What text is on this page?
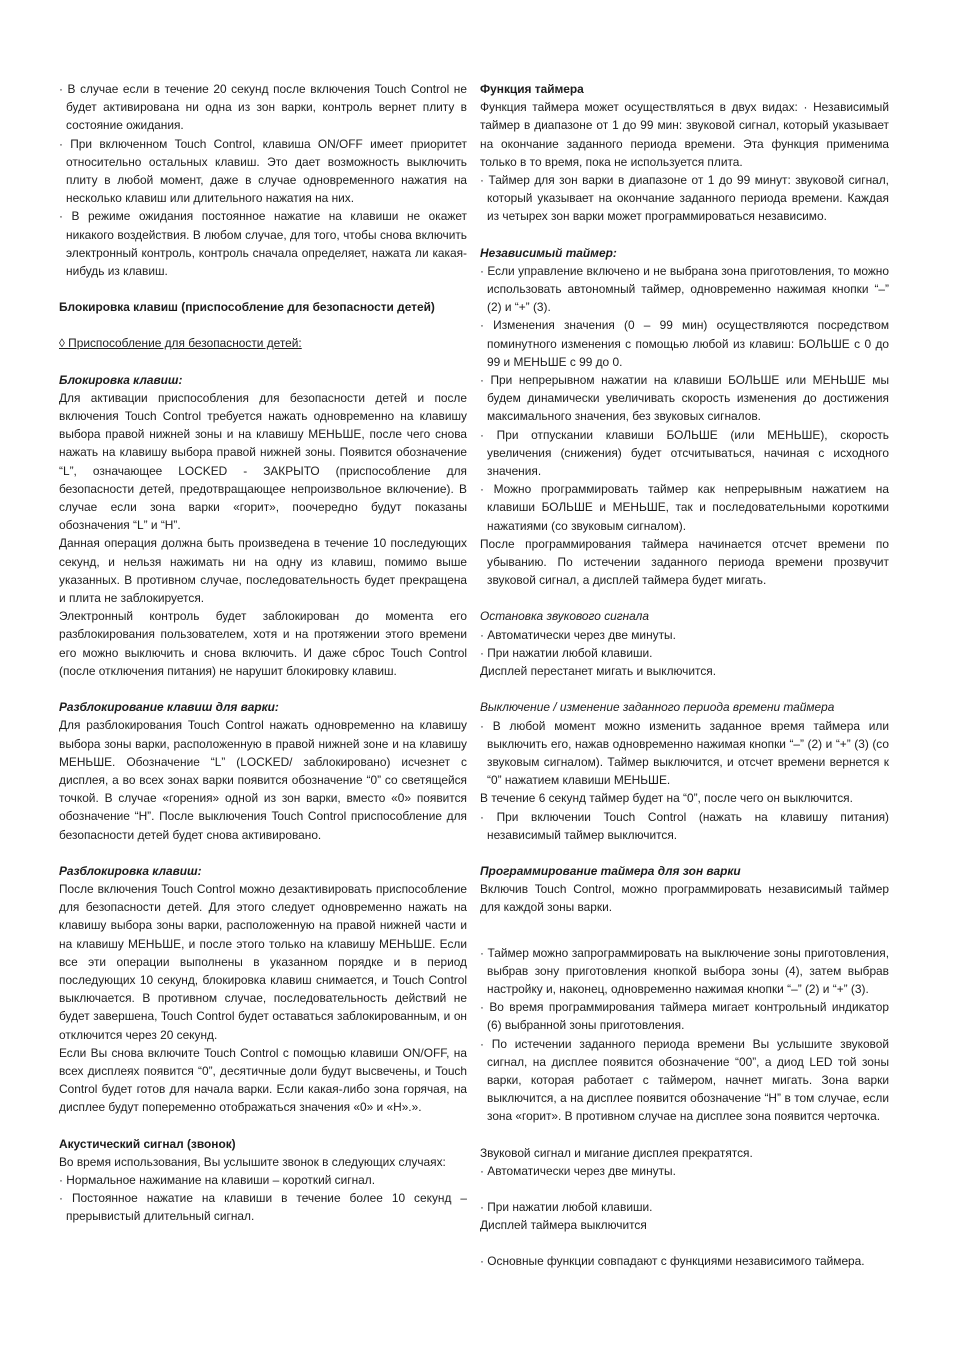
· В случае если в течение 20 секунд после включения Touch Control не будет активирована ни одна из зон варки, контроль вернет плиту в состояние ожидания.

· При включенном Touch Control, клавиша ON/OFF имеет приоритет относительно остальных клавиш. Это дает возможность выключить плиту в любой момент, даже в случае одновременного нажатия на несколько клавиш или длительного нажатия на них.

· В режиме ожидания постоянное нажатие на клавиши не окажет никакого воздействия. В любом случае, для того, чтобы снова включить электронный контроль, контроль сначала определяет, нажата ли какая-нибудь из клавиш.

Блокировка клавиш (приспособление для безопасности детей)

◊ Приспособление для безопасности детей:

Блокировка клавиш:

Для активации приспособления для безопасности детей и после включения Touch Control требуется нажать одновременно на клавишу выбора правой нижней зоны и на клавишу МЕНЬШЕ, после чего снова нажать на клавишу выбора правой нижней зоны. Появится обозначение “L”, означающее LOCKED - ЗАКРЫТО (приспособление для безопасности детей, предотвращающее непроизвольное включение). В случае если зона варки «горит», поочередно будут показаны обозначения “L” и “H”.

Данная операция должна быть произведена в течение 10 последующих секунд, и нельзя нажимать ни на одну из клавиш, помимо выше указанных. В противном случае, последовательность будет прекращена и плита не заблокируется.

Электронный контроль будет заблокирован до момента его разблокирования пользователем, хотя и на протяжении этого времени его можно выключить и снова включить. И даже сброс Touch Control (после отключения питания) не нарушит блокировку клавиш.

Разблокирование клавиш для варки:

Для разблокирования Touch Control нажать одновременно на клавишу выбора зоны варки, расположенную в правой нижней зоне и на клавишу МЕНЬШЕ. Обозначение “L” (LOCKED/ заблокировано) исчезнет с дисплея, а во всех зонах варки появится обозначение “0” со светящейся точкой. В случае «горения» одной из зон варки, вместо «0» появится обозначение “H”. После выключения Touch Control приспособление для безопасности детей будет снова активировано.

Разблокировка клавиш:

После включения Touch Control можно дезактивировать приспособление для безопасности детей. Для этого следует одновременно нажать на клавишу выбора зоны варки, расположенную на правой нижней части и на клавишу МЕНЬШЕ, и после этого только на клавишу МЕНЬШЕ. Если все эти операции выполнены в указанном порядке и в период последующих 10 секунд, блокировка клавиш снимается, и Touch Control выключается. В противном случае, последовательность действий не будет завершена, Touch Control будет оставаться заблокированным, и он отключится через 20 секунд.

Если Вы снова включите Touch Control с помощью клавиши ON/OFF, на всех дисплеях появится “0”, десятичные доли будут высвечены, и Touch Control будет готов для начала варки. Если какая-либо зона горячая, на дисплее будут попеременно отображаться значения «0» и «H».».

Акустический сигнал (звонок)

Во время использования, Вы услышите звонок в следующих случаях:

· Нормальное нажимание на клавиши – короткий сигнал.

· Постоянное нажатие на клавиши в течение более 10 секунд – прерывистый длительный сигнал.

Функция таймера

Функция таймера может осуществляться в двух видах: · Независимый таймер в диапазоне от 1 до 99 мин: звуковой сигнал, который указывает на окончание заданного периода времени. Эта функция применима только в то время, пока не используется плита.

· Таймер для зон варки в диапазоне от 1 до 99 минут: звуковой сигнал, который указывает на окончание заданного периода времени. Каждая из четырех зон варки может программироваться независимо.

Независимый таймер:

· Если управление включено и не выбрана зона приготовления, то можно использовать автономный таймер, одновременно нажимая кнопки “–” (2) и “+” (3).

· Изменения значения (0 – 99 мин) осуществляются посредством поминутного изменения с помощью любой из клавиш: БОЛЬШЕ с 0 до 99 и МЕНЬШЕ с 99 до 0.

· При непрерывном нажатии на клавиши БОЛЬШЕ или МЕНЬШЕ мы будем динамически увеличивать скорость изменения до достижения максимального значения, без звуковых сигналов.

· При отпускании клавиши БОЛЬШЕ (или МЕНЬШЕ), скорость увеличения (снижения) будет отсчитываться, начиная с исходного значения.

· Можно программировать таймер как непрерывным нажатием на клавиши БОЛЬШЕ и МЕНЬШЕ, так и последовательными короткими нажатиями (со звуковым сигналом).

После программирования таймера начинается отсчет времени по убыванию. По истечении заданного периода времени прозвучит звуковой сигнал, а дисплей таймера будет мигать.

Остановка звукового сигнала

· Автоматически через две минуты.

· При нажатии любой клавиши.

Дисплей перестанет мигать и выключится.

Выключение / изменение заданного периода времени таймера

· В любой момент можно изменить заданное время таймера или выключить его, нажав одновременно нажимая кнопки “–” (2) и “+” (3) (со звуковым сигналом). Таймер выключится, и отсчет времени вернется к “0” нажатием клавиши МЕНЬШЕ.

В течение 6 секунд таймер будет на “0”, после чего он выключится.

· При включении Touch Control (нажать на клавишу питания) независимый таймер выключится.

Программирование таймера для зон варки

Включив Touch Control, можно программировать независимый таймер для каждой зоны варки.

· Таймер можно запрограммировать на выключение зоны приготовления, выбрав зону приготовления кнопкой выбора зоны (4), затем выбрав настройку и, наконец, одновременно нажимая кнопки “–” (2) и “+” (3).

· Во время программирования таймера мигает контрольный индикатор (6) выбранной зоны приготовления.

· По истечении заданного периода времени Вы услышите звуковой сигнал, на дисплее появится обозначение “00”, а диод LED той зоны варки, которая работает с таймером, начнет мигать. Зона варки выключится, а на дисплее появится обозначение “H” в том случае, если зона «горит». В противном случае на дисплее зона появится черточка.

Звуковой сигнал и мигание дисплея прекратятся.

· Автоматически через две минуты.

· При нажатии любой клавиши.

Дисплей таймера выключится

· Основные функции совпадают с функциями независимого таймера.
